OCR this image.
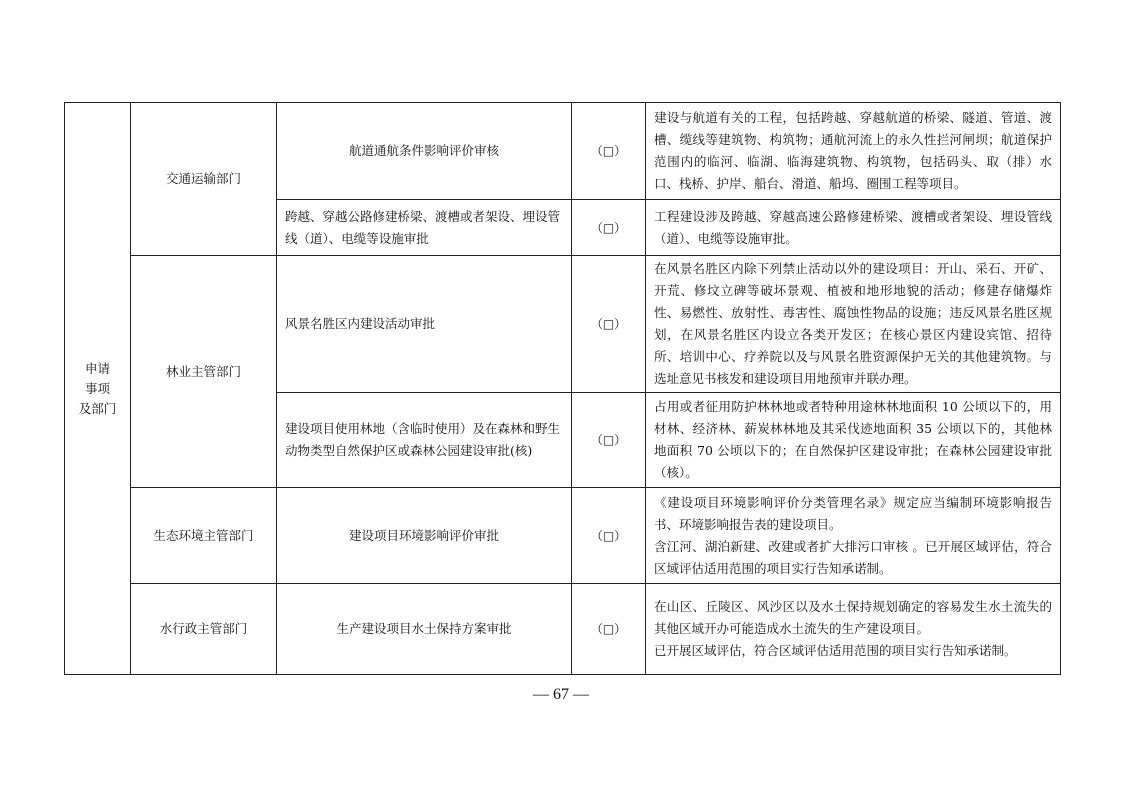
申请
事项
及部门	交通运输部门	航道通航条件影响评价审核	（□）	建设与航道有关的工程，包括跨越、穿越航道的桥梁、隧道、管道、渡槽、缆线等建筑物、构筑物；通航河流上的永久性拦河闸坝；航道保护范围内的临河、临湖、临海建筑物、构筑物，包括码头、取（排）水口、栈桥、护岸、船台、滑道、船坞、圈围工程等项目。

		跨越、穿越公路修建桥梁、渡槽或者架设、埋设管线（道）、电缆等设施审批	（□）	工程建设涉及跨越、穿越高速公路修建桥梁、渡槽或者架设、埋设管线（道）、电缆等设施审批。

	林业主管部门	风景名胜区内建设活动审批	（□）	在风景名胜区内除下列禁止活动以外的建设项目：开山、采石、开矿、开荒、修坟立碑等破坏景观、植被和地形地貌的活动；修建存储爆炸性、易燃性、放射性、毒害性、腐蚀性物品的设施；违反风景名胜区规划，在风景名胜区内设立各类开发区；在核心景区内建设宾馆、招待所、培训中心、疗养院以及与风景名胜资源保护无关的其他建筑物。与选址意见书核发和建设项目用地预审并联办理。

		建设项目使用林地（含临时使用）及在森林和野生动物类型自然保护区或森林公园建设审批(核)	（□）	占用或者征用防护林林地或者特种用途林林地面积 10 公顷以下的，用材林、经济林、薪炭林林地及其采伐迹地面积 35 公顷以下的，其他林地面积 70 公顷以下的；在自然保护区建设审批；在森林公园建设审批（核）。

	生态环境主管部门	建设项目环境影响评价审批	（□）	《建设项目环境影响评价分类管理名录》规定应当编制环境影响报告书、环境影响报告表的建设项目。
含江河、湖泊新建、改建或者扩大排污口审核 。已开展区域评估，符合区域评估适用范围的项目实行告知承诺制。

	水行政主管部门	生产建设项目水土保持方案审批	（□）	在山区、丘陵区、风沙区以及水土保持规划确定的容易发生水土流失的其他区域开办可能造成水土流失的生产建设项目。
已开展区域评估，符合区域评估适用范围的项目实行告知承诺制。
— 67 —
